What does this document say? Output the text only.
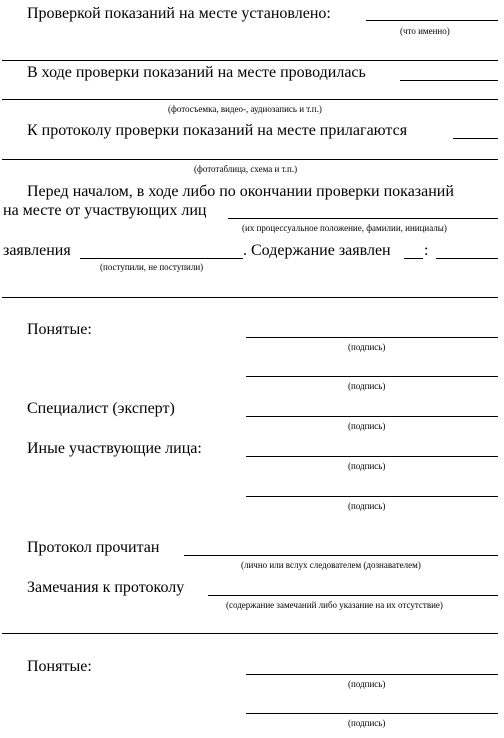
Проверкой показаний на месте установлено:
(что именно)
В ходе проверки показаний на месте проводилась
(фотосъемка, видео-, аудиозапись и т.п.)
К протоколу проверки показаний на месте прилагаются
(фототаблица, схема и т.п.)
Перед началом, в ходе либо по окончании проверки показаний
на месте от участвующих лиц
(их процессуальное положение, фамилии, инициалы)
заявления
(поступили, не поступили)
. Содержание заявлен :
Понятые:
(подпись)
(подпись)
Специалист (эксперт)
(подпись)
Иные участвующие лица:
(подпись)
(подпись)
Протокол прочитан
(лично или вслух следователем (дознавателем)
Замечания к протоколу
(содержание замечаний либо указание на их отсутствие)
Понятые:
(подпись)
(подпись)
